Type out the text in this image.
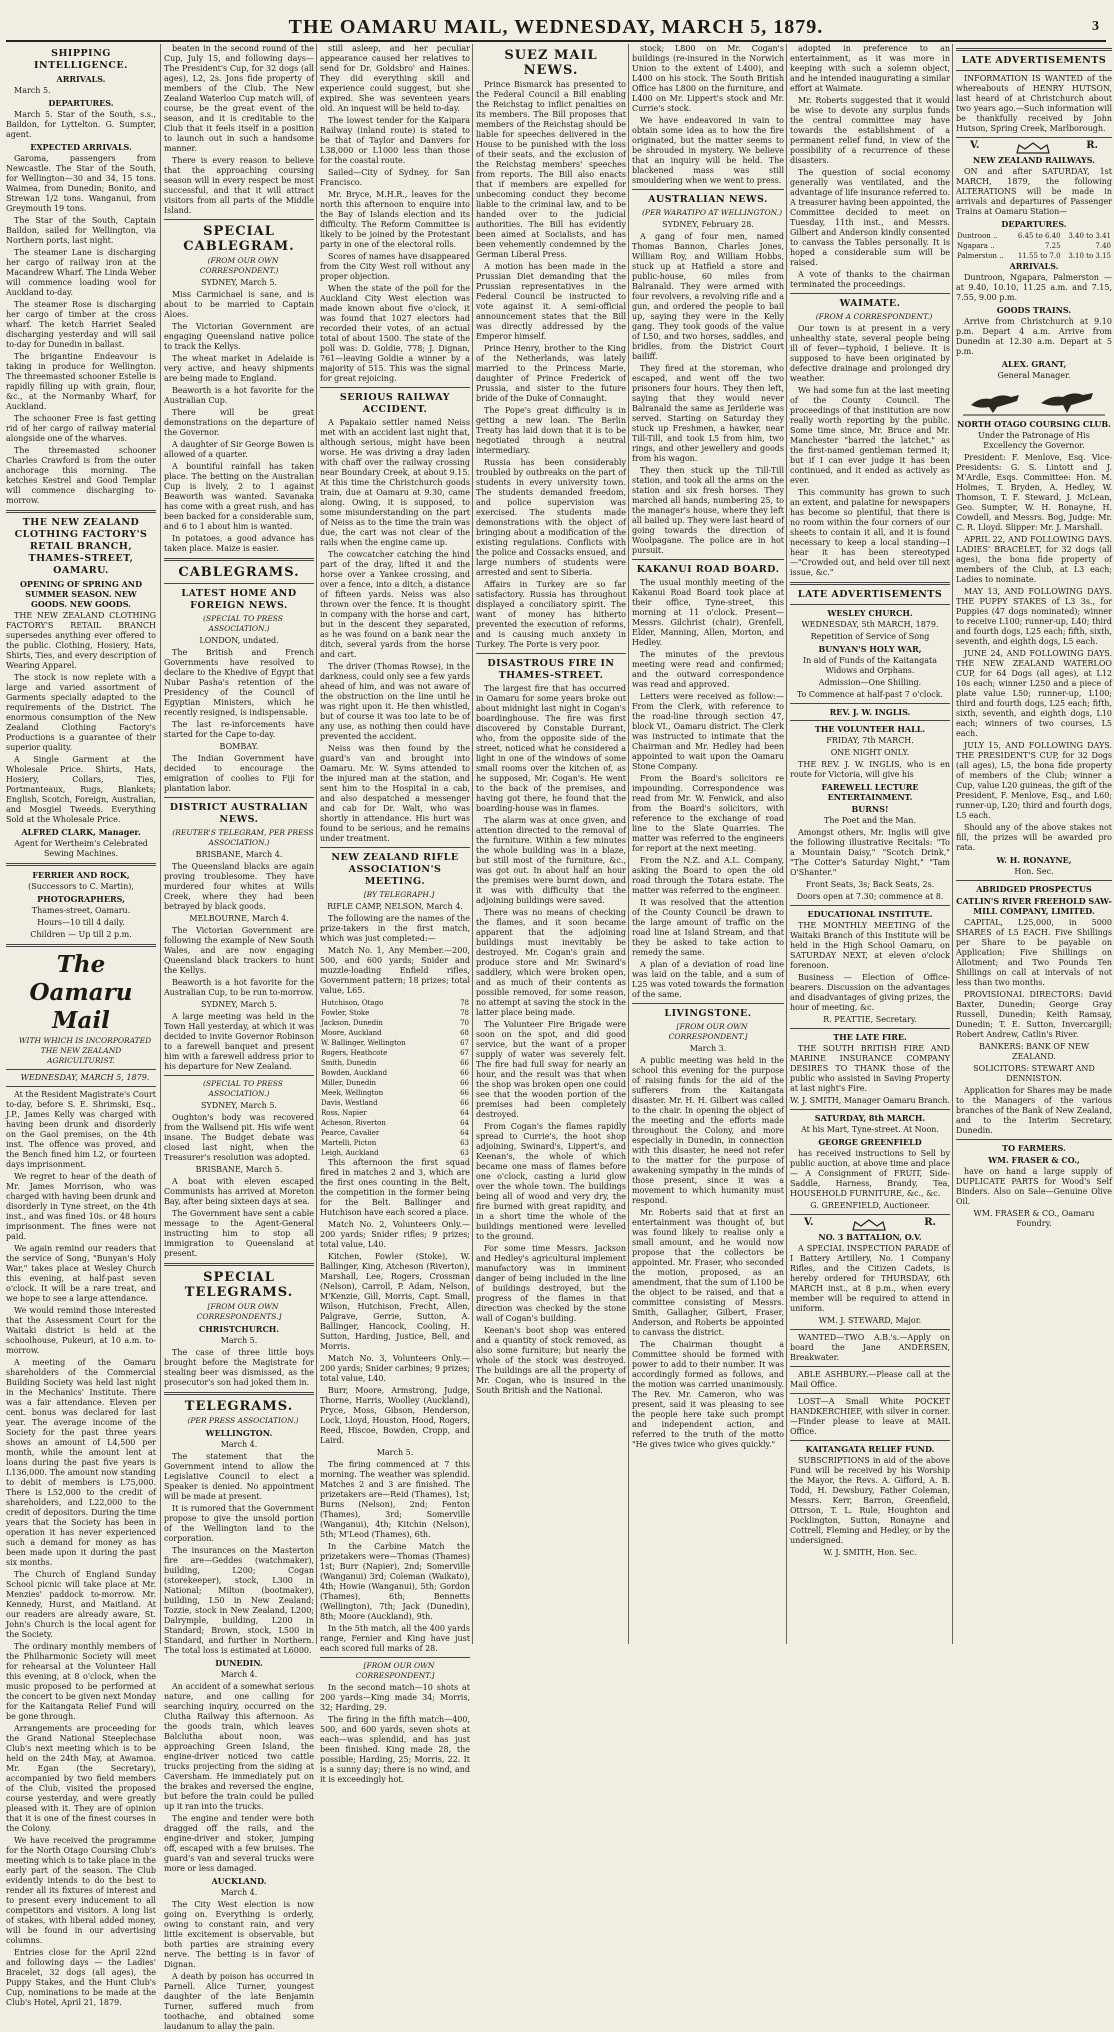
THE OAMARU MAIL, WEDNESDAY, MARCH 5, 1879.	3
SHIPPING INTELLIGENCE.

ARRIVALS.

March 5.

DEPARTURES.

March 5. Star of the South, s.s., Baildon, for Lyttelton. G. Sumpter, agent.

EXPECTED ARRIVALS.

Garoma, passengers from Newcastle. The Star of the South, for Wellington—30 and 34, 15 tons. Waimea, from Dunedin; Bonito, and Strewan 1/2 tons. Wanganui, from Greymouth 19 tons.

The Star of the South, Captain Baildon, sailed for Wellington, via Northern ports, last night.

The steamer Lane is discharging her cargo of railway iron at the Macandrew Wharf. The Linda Weber will commence loading wool for Auckland to-day.

The steamer Rose is discharging her cargo of timber at the cross wharf. The ketch Harriet Sealed discharging yesterday and will sail to-day for Dunedin in ballast.

The brigantine Endeavour is taking in produce for Wellington. The threemasted schooner Estelle is rapidly filling up with grain, flour, &c., at the Normanby Wharf, for Auckland.

The schooner Free is fast getting rid of her cargo of railway material alongside one of the wharves.

The threemasted schooner Charles Crawford is from the outer anchorage this morning. The ketches Kestrel and Good Templar will commence discharging to-morrow.

THE NEW ZEALAND CLOTHING FACTORY'S RETAIL BRANCH, THAMES-STREET, OAMARU.

OPENING OF SPRING AND SUMMER SEASON. NEW GOODS. NEW GOODS.

THE NEW ZEALAND CLOTHING FACTORY'S RETAIL BRANCH supersedes anything ever offered to the public. Clothing, Hosiery, Hats, Shirts, Ties, and every description of Wearing Apparel.

The stock is now replete with a large and varied assortment of Garments specially adapted to the requirements of the District. The enormous consumption of the New Zealand Clothing Factory's Productions is a guarantee of their superior quality.

A Single Garment at the Wholesale Price. Shirts, Hats, Hosiery, Collars, Ties, Portmanteaux, Rugs, Blankets; English, Scotch, Foreign, Australian, and Mosgiel Tweeds. Everything Sold at the Wholesale Price.

ALFRED CLARK, Manager.

Agent for Wertheim's Celebrated Sewing Machines.

FERRIER AND ROCK,

(Successors to C. Martin),

PHOTOGRAPHERS,

Thames-street, Oamaru.

Hours—10 till 4 daily.

Children — Up till 2 p.m.

The Oamaru Mail

WITH WHICH IS INCORPORATED THE NEW ZEALAND AGRICULTURIST.

WEDNESDAY, MARCH 5, 1879.

At the Resident Magistrate's Court to-day, before S. E. Shrimski, Esq., J.P., James Kelly was charged with having been drunk and disorderly on the Gaol premises, on the 4th inst. The offence was proved, and the Bench fined him L2, or fourteen days imprisonment.

We regret to hear of the death of Mr. James Morrison, who was charged with having been drunk and disorderly in Tyne street, on the 4th inst., and was fined 10s. or 48 hours imprisonment. The fines were not paid.

We again remind our readers that the service of Song, "Bunyan's Holy War," takes place at Wesley Church this evening, at half-past seven o'clock. It will be a rare treat, and we hope to see a large attendance.

We would remind those interested that the Assessment Court for the Waitaki district is held at the schoolhouse, Pukeuri, at 10 a.m. to-morrow.

A meeting of the Oamaru shareholders of the Commercial Building Society was held last night in the Mechanics' Institute. There was a fair attendance. Eleven per cent. bonus was declared for last year. The average income of the Society for the past three years shows an amount of L4,500 per month, while the amount lent at loans during the past five years is L136,000. The amount now standing to debit of members is L75,000. There is L52,000 to the credit of shareholders, and L22,000 to the credit of depositors. During the time years that the Society has been in operation it has never experienced such a demand for money as has been made upon it during the past six months.

The Church of England Sunday School picnic will take place at Mr. Menzies' paddock to-morrow. Mr. Kennedy, Hurst, and Maitland. At our readers are already aware, St. John's Church is the local agent for the Society.

The ordinary monthly members of the Philharmonic Society will meet for rehearsal at the Volunteer Hall this evening, at 8 o'clock, when the music proposed to be performed at the concert to be given next Monday for the Kaitangata Relief Fund will be gone through.

Arrangements are proceeding for the Grand National Steeplechase Club's next meeting which is to be held on the 24th May, at Awamoa. Mr. Egan (the Secretary), accompanied by two field members of the Club, visited the proposed course yesterday, and were greatly pleased with it. They are of opinion that it is one of the finest courses in the Colony.

We have received the programme for the North Otago Coursing Club's meeting which is to take place in the early part of the season. The Club evidently intends to do the best to render all its fixtures of interest and to present every inducement to all competitors and visitors. A long list of stakes, with liberal added money, will be found in our advertising columns.

Entries close for the April 22nd and following days — the Ladies' Bracelet, 32 dogs (all ages), the Puppy Stakes, and the Hunt Club's Cup, nominations to be made at the Club's Hotel, April 21, 1879.

beaten in the second round of the Cup, July 15, and following days—The President's Cup, for 32 dogs (all ages), L2, 2s. Jons fide property of members of the Club. The New Zealand Waterloo Cup match will, of course, be the great event of the season, and it is creditable to the Club that it feels itself in a position to launch out in such a handsome manner.

There is every reason to believe that the approaching coursing season will in every respect be most successful, and that it will attract visitors from all parts of the Middle Island.

SPECIAL CABLEGRAM.

(FROM OUR OWN CORRESPONDENT.)

SYDNEY, March 5.

Miss Carmichael is sane, and is about to be married to Captain Aloes.

The Victorian Government are engaging Queensland native police to track the Kellys.

The wheat market in Adelaide is very active, and heavy shipments are being made to England.

Beaworth is a hot favorite for the Australian Cup.

There will be great demonstrations on the departure of the Governor.

A daughter of Sir George Bowen is allowed of a quarter.

A bountiful rainfall has taken place. The betting on the Australian Cup is lively, 2 to 1 against Beaworth was wanted. Savanaka has come with a great rush, and has been backed for a considerable sum, and 6 to 1 about him is wanted.

In potatoes, a good advance has taken place. Maize is easier.

CABLEGRAMS.
LATEST HOME AND FOREIGN NEWS.

(SPECIAL TO PRESS ASSOCIATION.)

LONDON, undated.

The British and French Governments have resolved to declare to the Khedive of Egypt that Nubar Pasha's retention of the Presidency of the Council of Egyptian Ministers, which he recently resigned, is indispensable.

The last re-inforcements have started for the Cape to-day.

BOMBAY.

The Indian Government have decided to encourage the emigration of coolies to Fiji for plantation labor.

DISTRICT AUSTRALIAN NEWS.

(REUTER'S TELEGRAM, PER PRESS ASSOCIATION.)

BRISBANE, March 4.

The Queensland blacks are again proving troublesome. They have murdered four whites at Wills Creek, where they had been betrayed by black goods.

MELBOURNE, March 4.

The Victorian Government are following the example of New South Wales, and are now engaging Queensland black trackers to hunt the Kellys.

Beaworth is a hot favorite for the Australian Cup, to be run to-morrow.

SYDNEY, March 5.

A large meeting was held in the Town Hall yesterday, at which it was decided to invite Governor Robinson to a farewell banquet and present him with a farewell address prior to his departure for New Zealand.

(SPECIAL TO PRESS ASSOCIATION.)

SYDNEY, March 5.

Oughton's body was recovered from the Wallsend pit. His wife went insane. The Budget debate was closed last night, when the Treasurer's resolution was adopted.

BRISBANE, March 5.

A boat with eleven escaped Communists has arrived at Moreton Bay, after being sixteen days at sea.

The Government have sent a cable message to the Agent-General instructing him to stop all immigration to Queensland at present.

SPECIAL TELEGRAMS.

[FROM OUR OWN CORRESPONDENTS.]

CHRISTCHURCH.

March 5.

The case of three little boys brought before the Magistrate for stealing beer was dismissed, as the prosecutor's son had joked them in.

TELEGRAMS.

(PER PRESS ASSOCIATION.)

WELLINGTON.

March 4.

The statement that the Government intend to allow the Legislative Council to elect a Speaker is denied. No appointment will be made at present.

It is rumored that the Government propose to give the unsold portion of the Wellington land to the corporation.

The insurances on the Masterton fire are—Geddes (watchmaker), building, L200; Cogan (storekeeper), stock, L300 in National; Milton (bootmaker), building, L50 in New Zealand; Tozzie, stock in New Zealand, L200; Dalrymple, building, L200 in Standard; Brown, stock, L500 in Standard, and further in Northern. The total loss is estimated at L6000.

DUNEDIN.

March 4.

An accident of a somewhat serious nature, and one calling for searching inquiry, occurred on the Clutha Railway this afternoon. As the goods train, which leaves Balclutha about noon, was approaching Green Island, the engine-driver noticed two cattle trucks projecting from the siding at Caversham. He immediately put on the brakes and reversed the engine, but before the train could be pulled up it ran into the trucks.

The engine and tender were both dragged off the rails, and the engine-driver and stoker, jumping off, escaped with a few bruises. The guard's van and several trucks were more or less damaged.

AUCKLAND.

March 4.

The City West election is now going on. Everything is orderly, owing to constant rain, and very little excitement is observable, but both parties are straining every nerve. The betting is in favor of Dignan.

A death by poison has occurred in Parnell. Alice Turner, youngest daughter of the late Benjamin Turner, suffered much from toothache, and obtained some laudanum to allay the pain.

still asleep, and her peculiar appearance caused her relatives to send for Dr. Goldsbro' and Haines. They did everything skill and experience could suggest, but she expired. She was seventeen years old. An inquest will be held to-day.

The lowest tender for the Kaipara Railway (inland route) is stated to be that of Taylor and Danvers for L38,000 or L1000 less than those for the coastal route.

Sailed—City of Sydney, for San Francisco.

Mr. Bryce, M.H.R., leaves for the north this afternoon to enquire into the Bay of Islands election and its difficulty. The Reform Committee is likely to be joined by the Protestant party in one of the electoral rolls.

Scores of names have disappeared from the City West roll without any proper objection.

When the state of the poll for the Auckland City West election was made known about five o'clock, it was found that 1027 electors had recorded their votes, of an actual total of about 1500. The state of the poll was: D. Goldie, 778; J. Dignan, 761—leaving Goldie a winner by a majority of 515. This was the signal for great rejoicing.

SERIOUS RAILWAY ACCIDENT.

A Papakaio settler named Neiss met with an accident last night that, although serious, might have been worse. He was driving a dray laden with chaff over the railway crossing near Boundary Creek, at about 9.15. At this time the Christchurch goods train, due at Oamaru at 9.30, came along. Owing, it is supposed, to some misunderstanding on the part of Neiss as to the time the train was due, the cart was not clear of the rails when the engine came up.

The cowcatcher catching the hind part of the dray, lifted it and the horse over a Yankee crossing, and over a fence, into a ditch, a distance of fifteen yards. Neiss was also thrown over the fence. It is thought in company with the horse and cart, but in the descent they separated, as he was found on a bank near the ditch, several yards from the horse and cart.

The driver (Thomas Rowse), in the darkness, could only see a few yards ahead of him, and was not aware of the obstruction on the line until he was right upon it. He then whistled, but of course it was too late to be of any use, as nothing then could have prevented the accident.

Neiss was then found by the guard's van and brought into Oamaru. Mr. W. Syms attended to the injured man at the station, and sent him to the Hospital in a cab, and also despatched a messenger and cab for Dr. Walt, who was shortly in attendance. His hurt was found to be serious, and he remains under treatment.

NEW ZEALAND RIFLE ASSOCIATION'S MEETING.

[BY TELEGRAPH.]

RIFLE CAMP, NELSON, March 4.

The following are the names of the prize-takers in the first match, which was just completed:—

Match No. 1, Any Member.—200, 500, and 600 yards; Snider and muzzle-loading Enfield rifles, Government pattern; 18 prizes; total value, L65.

Hutchison, Otago	78
Fowler, Stoke	78
Jackson, Dunedin	70
Moore, Auckland	68
W. Ballinger, Wellington	67
Rogers, Heathcote	67
Smith, Dunedin	66
Bowden, Auckland	66
Miller, Dunedin	66
Meek, Wellington	66
Davis, Westland	66
Ross, Napier	64
Acheson, Riverton	64
Pearce, Cavalier	64
Martelli, Picton	63
Leigh, Auckland	63

This afternoon the first squad fired in matches 2 and 3, which are the first ones counting in the Belt, the competition in the former being for the Belt. Ballinger and Hutchison have each scored a place.

Match No. 2, Volunteers Only.—200 yards; Snider rifles; 9 prizes; total value, L40.

Kitchen, Fowler (Stoke), W. Ballinger, King, Atcheson (Riverton), Marshall, Lee, Rogers, Crossman (Nelson), Carroll, P. Adam, Nelson, M'Kenzie, Gill, Morris, Capt. Small, Wilson, Hutchison, Frecht, Allen, Palgrave, Gerrie, Sutton, A. Ballinger, Hancock, Cooling, H. Sutton, Harding, Justice, Bell, and Morris.

Match No. 3, Volunteers Only.—200 yards; Snider carbines; 9 prizes; total value, L40.

Burr, Moore, Armstrong, Judge, Thorne, Harris, Woolley (Auckland), Pryce, Moss, Gibson, Henderson, Lock, Lloyd, Houston, Hood, Rogers, Reed, Hiscoe, Bowden, Cropp, and Laird.

March 5.

The firing commenced at 7 this morning. The weather was splendid. Matches 2 and 3 are finished. The prizetakers are—Reid (Thames), 1st; Burns (Nelson), 2nd; Fenton (Thames), 3rd; Somerville (Wanganui), 4th; Kitchin (Nelson), 5th; M'Leod (Thames), 6th.

In the Carbine Match the prizetakers were—Thomas (Thames) 1st; Burr (Napier), 2nd; Somerville (Wanganui) 3rd; Coleman (Waikato), 4th; Howie (Wanganui), 5th; Gordon (Thames), 6th; Bennetts (Wellington), 7th; Jack (Dunedin), 8th; Moore (Auckland), 9th.

In the 5th match, all the 400 yards range, Fernier and King have just each scored full marks of 28.

[FROM OUR OWN CORRESPONDENT.]

In the second match—10 shots at 200 yards—King made 34; Morris, 32; Harding, 29.

The firing in the fifth match—400, 500, and 600 yards, seven shots at each—was splendid, and has just been finished. King made 28, the possible; Harding, 25; Morris, 22. It is a sunny day; there is no wind, and it is exceedingly hot.

SUEZ MAIL NEWS.

Prince Bismarck has presented to the Federal Council a Bill enabling the Reichstag to inflict penalties on its members. The Bill proposes that members of the Reichstag should be liable for speeches delivered in the House to be punished with the loss of their seats, and the exclusion of the Reichstag members' speeches from reports. The Bill also enacts that if members are expelled for unbecoming conduct they become liable to the criminal law, and to be handed over to the judicial authorities. The Bill has evidently been aimed at Socialists, and has been vehemently condemned by the German Liberal Press.

A motion has been made in the Prussian Diet demanding that the Prussian representatives in the Federal Council be instructed to vote against it. A semi-official announcement states that the Bill was directly addressed by the Emperor himself.

Prince Henry, brother to the King of the Netherlands, was lately married to the Princess Marie, daughter of Prince Frederick of Prussia, and sister to the future bride of the Duke of Connaught.

The Pope's great difficulty is in getting a new loan. The Berlin Treaty has laid down that it is to be negotiated through a neutral intermediary.

Russia has been considerably troubled by outbreaks on the part of students in every university town. The students demanded freedom, and police supervision was exercised. The students made demonstrations with the object of bringing about a modification of the existing regulations. Conflicts with the police and Cossacks ensued, and large numbers of students were arrested and sent to Siberia.

Affairs in Turkey are so far satisfactory. Russia has throughout displayed a conciliatory spirit. The want of money has hitherto prevented the execution of reforms, and is causing much anxiety in Turkey. The Porte is very poor.

DISASTROUS FIRE IN THAMES-STREET.

The largest fire that has occurred in Oamaru for some years broke out about midnight last night in Cogan's boardinghouse. The fire was first discovered by Constable Durrant, who, from the opposite side of the street, noticed what he considered a light in one of the windows of some small rooms over the kitchen of, as he supposed, Mr. Cogan's. He went to the back of the premises, and having got there, he found that the boarding-house was in flames.

The alarm was at once given, and attention directed to the removal of the furniture. Within a few minutes the whole building was in a blaze, but still most of the furniture, &c., was got out. In about half an hour the premises were burnt down, and it was with difficulty that the adjoining buildings were saved.

There was no means of checking the flames, and it soon became apparent that the adjoining buildings must inevitably be destroyed. Mr. Cogan's grain and produce store and Mr. Swinard's saddlery, which were broken open, and as much of their contents as possible removed, for some reason, no attempt at saving the stock in the latter place being made.

The Volunteer Fire Brigade were soon on the spot, and did good service, but the want of a proper supply of water was severely felt. The fire had full sway for nearly an hour, and the result was that when the shop was broken open one could see that the wooden portion of the premises had been completely destroyed.

From Cogan's the flames rapidly spread to Currie's, the hoot shop adjoining, Swinard's, Lippert's, and Keenan's, the whole of which became one mass of flames before one o'clock, casting a lurid glow over the whole town. The buildings being all of wood and very dry, the fire burned with great rapidity, and in a short time the whole of the buildings mentioned were levelled to the ground.

For some time Messrs. Jackson and Hedley's agricultural implement manufactory was in imminent danger of being included in the line of buildings destroyed, but the progress of the flames in that direction was checked by the stone wall of Cogan's building.

Keenan's boot shop was entered and a quantity of stock removed, as also some furniture; but nearly the whole of the stock was destroyed. The buildings are all the property of Mr. Cogan, who is insured in the South British and the National.

stock; L800 on Mr. Cogan's buildings (re-insured in the Norwich Union to the extent of L400), and L400 on his stock. The South British Office has L800 on the furniture, and L400 on Mr. Lippert's stock and Mr. Currie's stock.

We have endeavored in vain to obtain some idea as to how the fire originated, but the matter seems to be shrouded in mystery. We believe that an inquiry will be held. The blackened mass was still smouldering when we went to press.

AUSTRALIAN NEWS.

(PER WARATIPO AT WELLINGTON.)

SYDNEY, February 28.

A gang of four men, named Thomas Bannon, Charles Jones, William Roy, and William Hobbs, stuck up at Hatfield a store and public-house, 60 miles from Balranald. They were armed with four revolvers, a revolving rifle and a gun, and ordered the people to bail up, saying they were in the Kelly gang. They took goods of the value of L50, and two horses, saddles, and bridles, from the District Court bailiff.

They fired at the storeman, who escaped, and went off the two prisoners four hours. They then left, saying that they would never Balranald the same as Jerilderie was served. Starting on Saturday they stuck up Freshmen, a hawker, near Till-Till, and took L5 from him, two rings, and other jewellery and goods from his wagon.

They then stuck up the Till-Till station, and took all the arms on the station and six fresh horses. They marched all hands, numbering 25, to the manager's house, where they left all bailed up. They were last heard of going towards the direction of Woolpagane. The police are in hot pursuit.

KAKANUI ROAD BOARD.

The usual monthly meeting of the Kakanui Road Board took place at their office, Tyne-street, this morning at 11 o'clock. Present—Messrs. Gilchrist (chair), Grenfell, Elder, Manning, Allen, Morton, and Hedley.

The minutes of the previous meeting were read and confirmed; and the outward correspondence was read and approved.

Letters were received as follow:— From the Clerk, with reference to the road-line through section 47, block VI., Oamaru district. The Clerk was instructed to intimate that the Chairman and Mr. Hedley had been appointed to wait upon the Oamaru Stone Company.

From the Board's solicitors re impounding. Correspondence was read from Mr. W. Fenwick, and also from the Board's solicitors, with reference to the exchange of road line to the Slate Quarries. The matter was referred to the engineers for report at the next meeting.

From the N.Z. and A.L. Company, asking the Board to open the old road through the Totara estate. The matter was referred to the engineer.

It was resolved that the attention of the County Council be drawn to the large amount of traffic on the road line at Island Stream, and that they be asked to take action to remedy the same.

A plan of a deviation of road line was laid on the table, and a sum of L25 was voted towards the formation of the same.

LIVINGSTONE.

[FROM OUR OWN CORRESPONDENT.]

March 3.

A public meeting was held in the school this evening for the purpose of raising funds for the aid of the sufferers from the Kaitangata disaster. Mr. H. H. Gilbert was called to the chair. In opening the object of the meeting and the efforts made throughout the Colony, and more especially in Dunedin, in connection with this disaster, he need not refer to the matter for the purpose of awakening sympathy in the minds of those present, since it was a movement to which humanity must respond.

Mr. Roberts said that at first an entertainment was thought of, but was found likely to realise only a small amount, and he would now propose that the collectors be appointed. Mr. Fraser, who seconded the motion, proposed, as an amendment, that the sum of L100 be the object to be raised, and that a committee consisting of Messrs. Smith, Gallagher, Gilbert, Fraser, Anderson, and Roberts be appointed to canvass the district.

The Chairman thought a Committee should be formed with power to add to their number. It was accordingly formed as follows, and the motion was carried unanimously. The Rev. Mr. Cameron, who was present, said it was pleasing to see the people here take such prompt and independent action, and referred to the truth of the motto "He gives twice who gives quickly."

adopted in preference to an entertainment, as it was more in keeping with such a solemn object, and he intended inaugurating a similar effort at Waimate.

Mr. Roberts suggested that it would be wise to devote any surplus funds the central committee may have towards the establishment of a permanent relief fund, in view of the possibility of a recurrence of these disasters.

The question of social economy generally was ventilated, and the advantage of life insurance referred to. A treasurer having been appointed, the Committee decided to meet on Tuesday, 11th inst., and Messrs. Gilbert and Anderson kindly consented to canvass the Tables personally. It is hoped a considerable sum will be raised.

A vote of thanks to the chairman terminated the proceedings.

WAIMATE.

(FROM A CORRESPONDENT.)

Our town is at present in a very unhealthy state, several people being ill of fever—typhoid, I believe. It is supposed to have been originated by defective drainage and prolonged dry weather.

We had some fun at the last meeting of the County Council. The proceedings of that institution are now really worth reporting by the public. Some time since, Mr. Bruce and Mr. Manchester "barred the latchet," as the first-named gentleman termed it; but if I can ever judge it has been continued, and it ended as actively as ever.

This community has grown to such an extent, and palatine for newspapers has become so plentiful, that there is no room within the four corners of our sheets to contain it all, and it is found necessary to keep a local standing—I hear it has been stereotyped—"Crowded out, and held over till next issue, &c."

LATE ADVERTISEMENTS

WESLEY CHURCH.

WEDNESDAY, 5th MARCH, 1879.

Repetition of Service of Song

BUNYAN'S HOLY WAR,

In aid of Funds of the Kaitangata Widows and Orphans.

Admission—One Shilling.

To Commence at half-past 7 o'clock.

REV. J. W. INGLIS.

THE VOLUNTEER HALL.

FRIDAY, 7th MARCH.

ONE NIGHT ONLY.

THE REV. J. W. INGLIS, who is en route for Victoria, will give his

FAREWELL LECTURE ENTERTAINMENT.

BURNS!

The Poet and the Man.

Amongst others, Mr. Inglis will give the following illustrative Recitals: "To a Mountain Daisy," "Scotch Drink," "The Cotter's Saturday Night," "Tam O'Shanter."

Front Seats, 3s; Back Seats, 2s.

Doors open at 7.30; commence at 8.

EDUCATIONAL INSTITUTE.

THE MONTHLY MEETING of the Waitaki Branch of this Institute will be held in the High School Oamaru, on SATURDAY NEXT, at eleven o'clock forenoon.

Business — Election of Office-bearers. Discussion on the advantages and disadvantages of giving prizes, the hour of meeting, &c.

R. PEATTIE, Secretary.

THE LATE FIRE.

THE SOUTH BRITISH FIRE AND MARINE INSURANCE COMPANY DESIRES TO THANK those of the public who assisted in Saving Property at last night's Fire.

W. J. SMITH, Manager Oamaru Branch.

SATURDAY, 8th MARCH.

At his Mart, Tyne-street. At Noon.

GEORGE GREENFIELD

has received instructions to Sell by public auction, at above time and place— A Consignment of FRUIT, Side-Saddle, Harness, Brandy, Tea, HOUSEHOLD FURNITURE, &c., &c.

G. GREENFIELD, Auctioneer.

V.	R.

NO. 3 BATTALION, O.V.

A SPECIAL INSPECTION PARADE of I Battery Artillery, No. 1 Company Rifles, and the Citizen Cadets, is hereby ordered for THURSDAY, 6th MARCH inst., at 8 p.m., when every member will be required to attend in uniform.

WM. J. STEWARD, Major.

WANTED—TWO A.B.'s.—Apply on board the Jane ANDERSEN, Breakwater.

ABLE ASHBURY.—Please call at the Mail Office.

LOST—A Small White POCKET HANDKERCHIEF, with silver in corner.—Finder please to leave at MAIL Office.

KAITANGATA RELIEF FUND.

SUBSCRIPTIONS in aid of the above Fund will be received by his Worship the Mayor, the Revs. A. Gifford, A. B. Todd, H. Dewsbury, Father Coleman, Messrs. Kerr, Barron, Greenfield, Ottrson, T. L. Rule, Houghton and Pocklington, Sutton, Ronayne and Cottrell, Fleming and Hedley, or by the undersigned.

W. J. SMITH, Hon. Sec.

LATE ADVERTISEMENTS

INFORMATION IS WANTED of the whereabouts of HENRY HUTSON, last heard of at Christchurch about two years ago.—Such information will be thankfully received by John Hutson, Spring Creek, Marlborough.

V.	R.

NEW ZEALAND RAILWAYS.

ON and after SATURDAY, 1st MARCH, 1879, the following ALTERATIONS will be made in arrivals and departures of Passenger Trains at Oamaru Station—

DEPARTURES.

Duntroon ..	6.45 to 6.40	3.40 to 3.41
Ngapara ..	7.25	7.40
Palmerston ..	11.55 to 7.0	3.10 to 3.15

ARRIVALS.

Duntroon, Ngapara, Palmerston — at 9.40, 10.10, 11.25 a.m. and 7.15, 7.55, 9.00 p.m.

GOODS TRAINS.

Arrive from Christchurch at 9.10 p.m. Depart 4 a.m. Arrive from Dunedin at 12.30 a.m. Depart at 5 p.m.

ALEX. GRANT,

General Manager.

NORTH OTAGO COURSING CLUB.

Under the Patronage of His Excellency the Governor.

President: F. Menlove, Esq. Vice-Presidents: G. S. Lintott and J. M'Ardle, Esqs. Committee: Hon. M. Holmes, T. Bryden, A. Hedley, W. Thomson, T. F. Steward, J. McLean, Geo. Sumpter, W. H. Ronayne, H. Cowdell, and Messrs. Bog, Judge: Mr. C. R. Lloyd. Slipper: Mr. J. Marshall.

APRIL 22, AND FOLLOWING DAYS. LADIES' BRACELET, for 32 dogs (all ages), the bona fide property of members of the Club, at L3 each; Ladies to nominate.

MAY 13, AND FOLLOWING DAYS. THE PUPPY STAKES of L3 3s., for Puppies (47 dogs nominated); winner to receive L100; runner-up, L40; third and fourth dogs, L25 each; fifth, sixth, seventh, and eighth dogs, L5 each.

JUNE 24, AND FOLLOWING DAYS. THE NEW ZEALAND WATERLOO CUP, for 64 Dogs (all ages), at L12 10s each; winner L250 and a piece of plate value L50; runner-up, L100; third and fourth dogs, L25 each; fifth, sixth, seventh, and eighth dogs, L10 each; winners of two courses, L5 each.

JULY 15, AND FOLLOWING DAYS. THE PRESIDENT'S CUP, for 32 Dogs (all ages), L5, the bona fide property of members of the Club; winner a Cup, value L20 guineas, the gift of the President, F. Menlove, Esq., and L60; runner-up, L20; third and fourth dogs, L5 each.

Should any of the above stakes not fill, the prizes will be awarded pro rata.

W. H. RONAYNE,

Hon. Sec.

ABRIDGED PROSPECTUS

CATLIN'S RIVER FREEHOLD SAW-MILL COMPANY, LIMITED.

CAPITAL, L25,000, in 5000 SHARES of L5 EACH. Five Shillings per Share to be payable on Application; Five Shillings on Allotment; and Two Pounds Ten Shillings on call at intervals of not less than two months.

PROVISIONAL DIRECTORS: David Baxter, Dunedin; George Gray Russell, Dunedin; Keith Ramsay, Dunedin; T. E. Sutton, Invercargill; Robert Andrew, Catlin's River.

BANKERS: BANK OF NEW ZEALAND.

SOLICITORS: STEWART AND DENNISTON.

Application for Shares may be made to the Managers of the various branches of the Bank of New Zealand, and to the Interim Secretary, Dunedin.

TO FARMERS.

WM. FRASER & CO.,

have on hand a large supply of DUPLICATE PARTS for Wood's Self Binders. Also on Sale—Genuine Olive Oil.

WM. FRASER & CO., Oamaru Foundry.
